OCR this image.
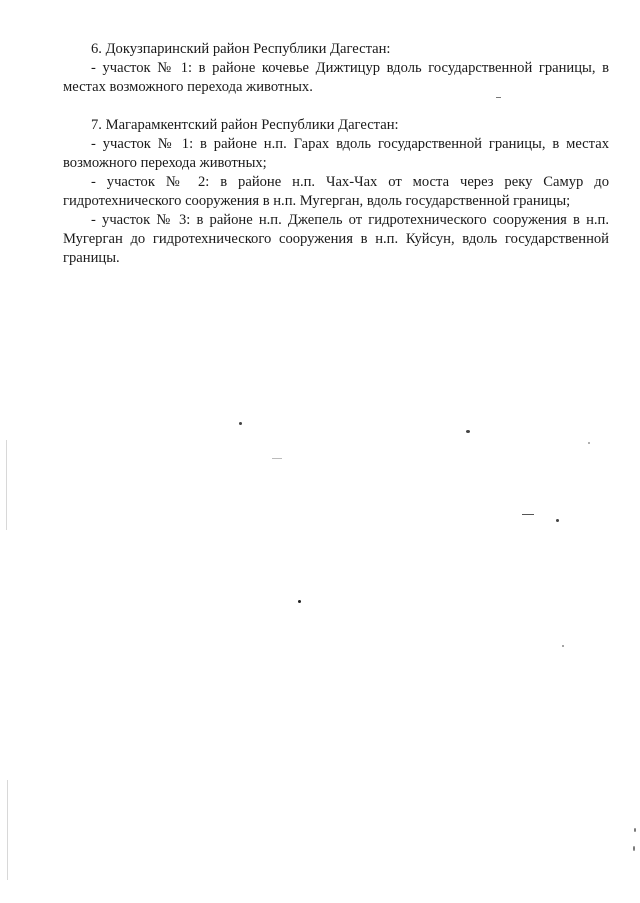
6. Докузпаринский район Республики Дагестан:

- участок № 1: в районе кочевье Дижтицур вдоль государственной границы, в местах возможного перехода животных.

7. Магарамкентский район Республики Дагестан:

- участок № 1: в районе н.п. Гарах вдоль государственной границы, в местах возможного перехода животных;

- участок № 2: в районе н.п. Чах-Чах от моста через реку Самур до гидротехнического сооружения в н.п. Мугерган, вдоль государственной границы;

- участок № 3: в районе н.п. Джепель от гидротехнического сооружения в н.п. Мугерган до гидротехнического сооружения в н.п. Куйсун, вдоль государственной границы.
